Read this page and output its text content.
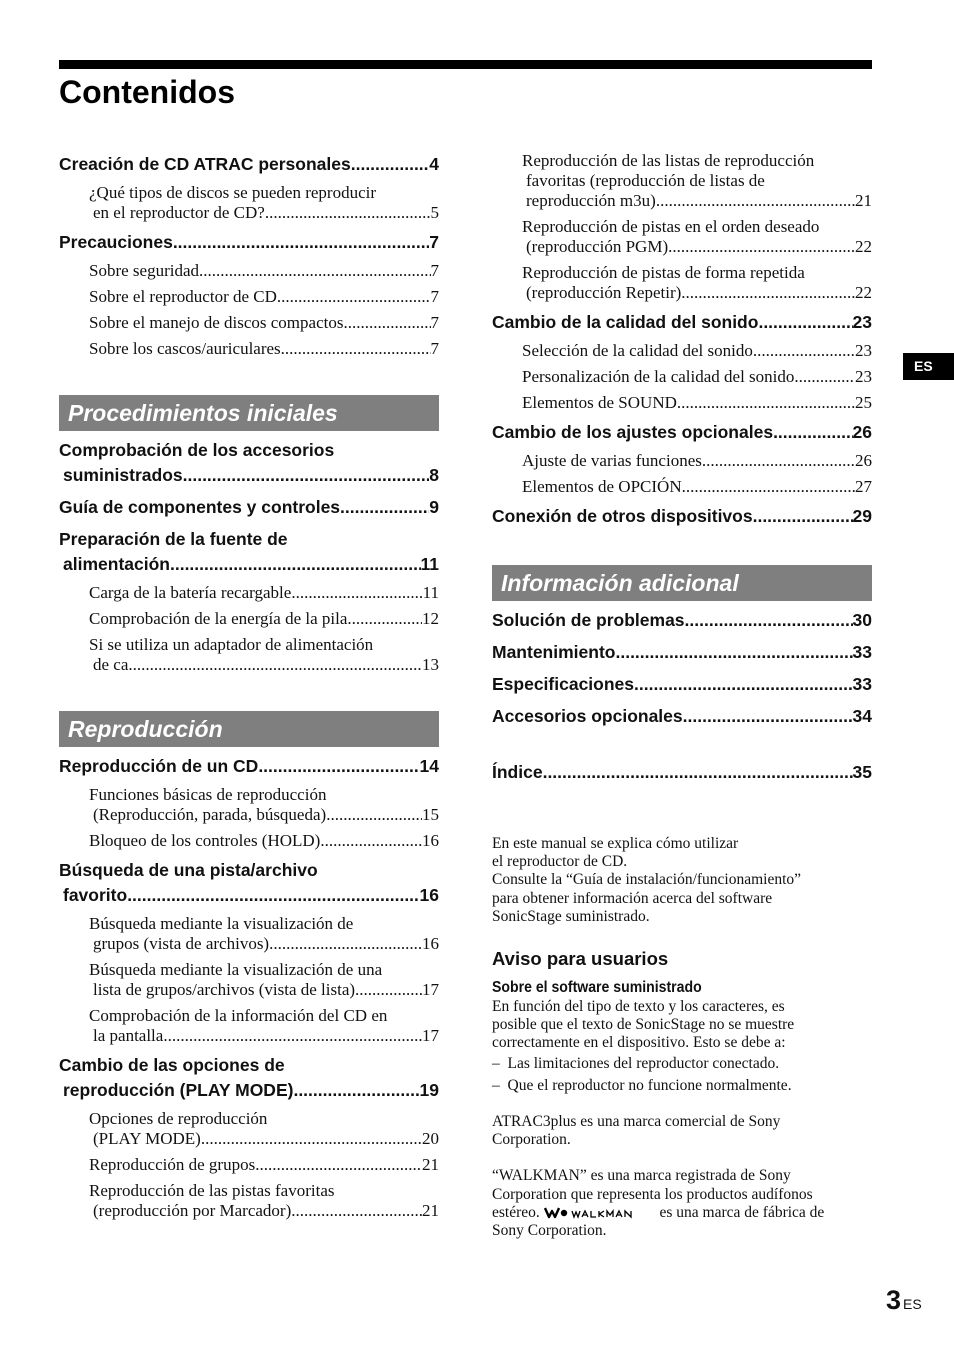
Contenidos
Creación de CD ATRAC personales .....	4
¿Qué tipos de discos se pueden reproducir
en el reproductor de CD? .....	5
Precauciones .....	7
Sobre seguridad .....	7
Sobre el reproductor de CD .....	7
Sobre el manejo de discos compactos .....	7
Sobre los cascos/auriculares .....	7
Procedimientos iniciales
Comprobación de los accesorios
suministrados .....	8
Guía de componentes y controles .....	9
Preparación de la fuente de
alimentación .....	11
Carga de la batería recargable .....	11
Comprobación de la energía de la pila .....	12
Si se utiliza un adaptador de alimentación
de ca .....	13
Reproducción
Reproducción de un CD .....	14
Funciones básicas de reproducción
(Reproducción, parada, búsqueda) .....	15
Bloqueo de los controles (HOLD) .....	16
Búsqueda de una pista/archivo
favorito .....	16
Búsqueda mediante la visualización de
grupos (vista de archivos) .....	16
Búsqueda mediante la visualización de una
lista de grupos/archivos (vista de lista) .....	17
Comprobación de la información del CD en
la pantalla .....	17
Cambio de las opciones de
reproducción (PLAY MODE) .....	19
Opciones de reproducción
(PLAY MODE) .....	20
Reproducción de grupos .....	21
Reproducción de las pistas favoritas
(reproducción por Marcador) .....	21
Reproducción de las listas de reproducción
favoritas (reproducción de listas de
reproducción m3u) .....	21
Reproducción de pistas en el orden deseado
(reproducción PGM) .....	22
Reproducción de pistas de forma repetida
(reproducción Repetir) .....	22
Cambio de la calidad del sonido .....	23
Selección de la calidad del sonido .....	23
Personalización de la calidad del sonido .....	23
Elementos de SOUND .....	25
Cambio de los ajustes opcionales .....	26
Ajuste de varias funciones .....	26
Elementos de OPCIÓN .....	27
Conexión de otros dispositivos .....	29
Información adicional
Solución de problemas .....	30
Mantenimiento .....	33
Especificaciones .....	33
Accesorios opcionales .....	34
Índice .....	35
ES

En este manual se explica cómo utilizar

el reproductor de CD.

Consulte la “Guía de instalación/funcionamiento”

para obtener información acerca del software

SonicStage suministrado.

Aviso para usuarios

Sobre el software suministrado

En función del tipo de texto y los caracteres, es

posible que el texto de SonicStage no se muestre

correctamente en el dispositivo. Esto se debe a:

–  Las limitaciones del reproductor conectado.

–  Que el reproductor no funcione normalmente.

ATRAC3plus es una marca comercial de Sony

Corporation.

“WALKMAN” es una marca registrada de Sony

Corporation que representa los productos audífonos

estéreo.	es una marca de fábrica de

Sony Corporation.

3 ES
